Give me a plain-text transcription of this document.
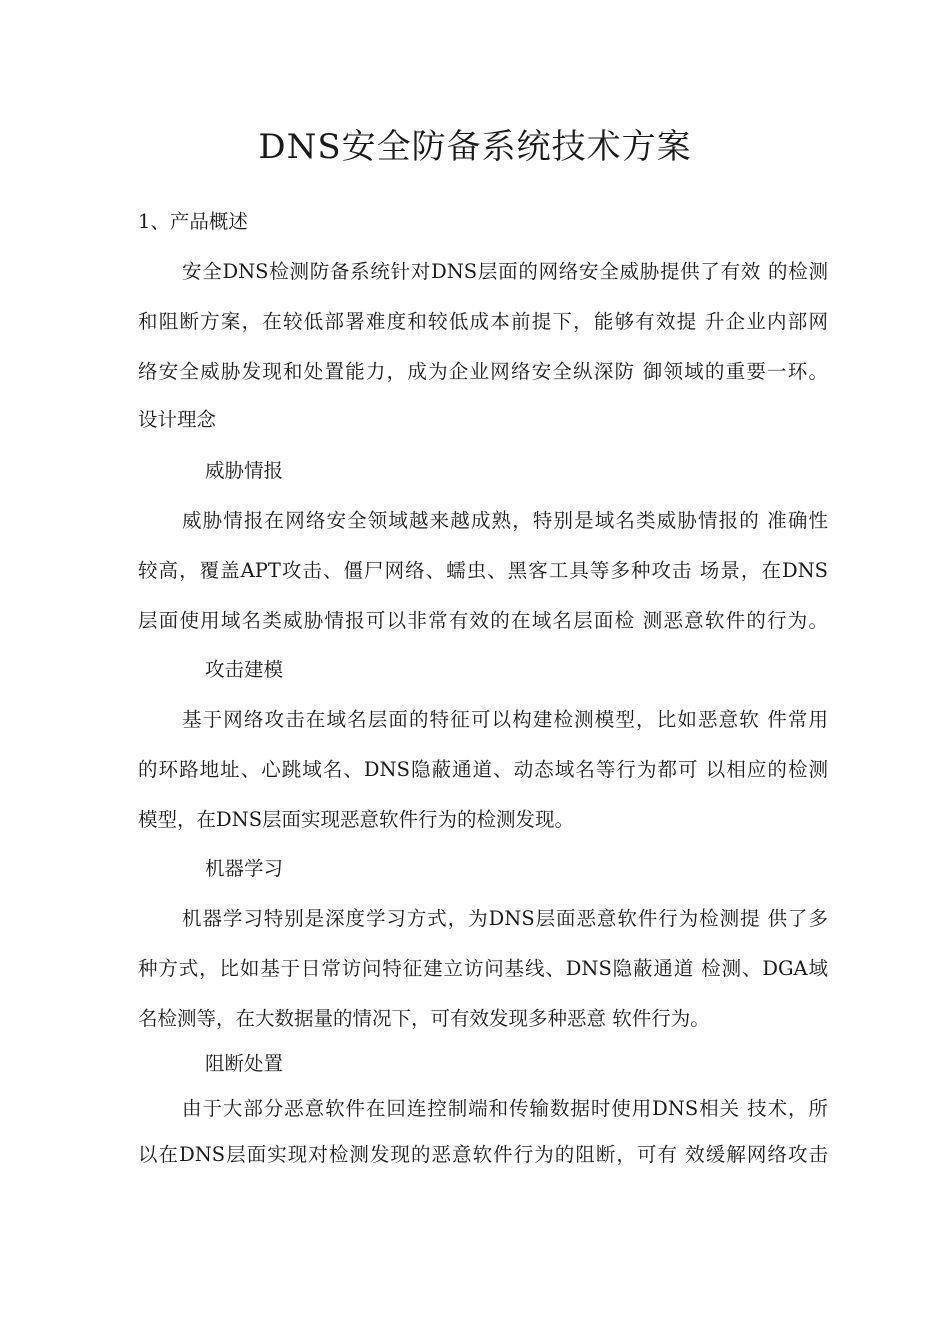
DNS安全防备系统技术方案
1、产品概述
安全DNS检测防备系统针对DNS层面的网络安全威胁提供了有效 的检测
和阻断方案，在较低部署难度和较低成本前提下，能够有效提 升企业内部网
络安全威胁发现和处置能力，成为企业网络安全纵深防 御领域的重要一环。
设计理念
威胁情报
威胁情报在网络安全领域越来越成熟，特别是域名类威胁情报的 准确性
较高，覆盖APT攻击、僵尸网络、蠕虫、黑客工具等多种攻击 场景，在DNS
层面使用域名类威胁情报可以非常有效的在域名层面检 测恶意软件的行为。
攻击建模
基于网络攻击在域名层面的特征可以构建检测模型，比如恶意软 件常用
的环路地址、心跳域名、DNS隐蔽通道、动态域名等行为都可 以相应的检测
模型，在DNS层面实现恶意软件行为的检测发现。
机器学习
机器学习特别是深度学习方式，为DNS层面恶意软件行为检测提 供了多
种方式，比如基于日常访问特征建立访问基线、DNS隐蔽通道 检测、DGA域
名检测等，在大数据量的情况下，可有效发现多种恶意 软件行为。
阻断处置
由于大部分恶意软件在回连控制端和传输数据时使用DNS相关 技术，所
以在DNS层面实现对检测发现的恶意软件行为的阻断，可有 效缓解网络攻击
